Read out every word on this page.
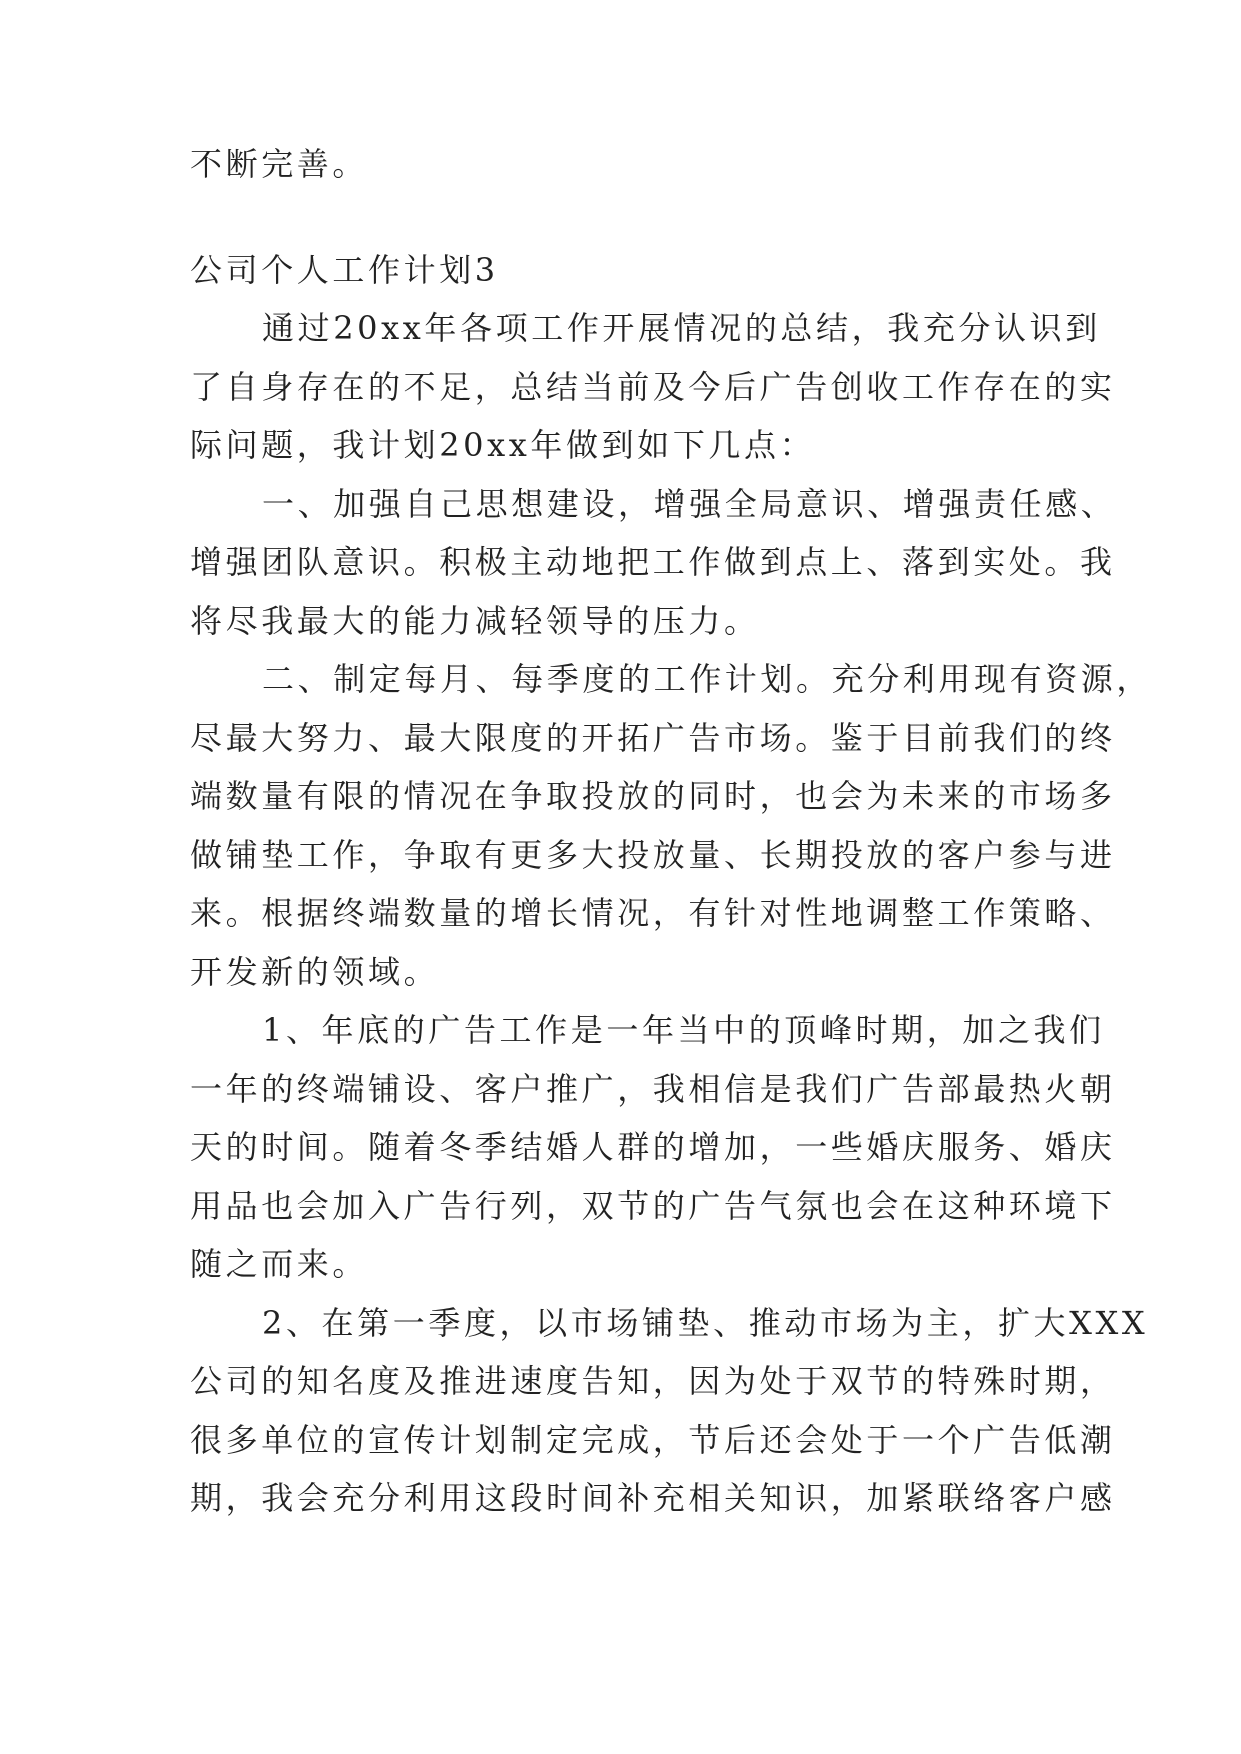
不断完善。

公司个人工作计划3

通过20xx年各项工作开展情况的总结，我充分认识到
了自身存在的不足，总结当前及今后广告创收工作存在的实
际问题，我计划20xx年做到如下几点：
一、加强自己思想建设，增强全局意识、增强责任感、
增强团队意识。积极主动地把工作做到点上、落到实处。我
将尽我最大的能力减轻领导的压力。
二、制定每月、每季度的工作计划。充分利用现有资源，
尽最大努力、最大限度的开拓广告市场。鉴于目前我们的终
端数量有限的情况在争取投放的同时，也会为未来的市场多
做铺垫工作，争取有更多大投放量、长期投放的客户参与进
来。根据终端数量的增长情况，有针对性地调整工作策略、
开发新的领域。
1、年底的广告工作是一年当中的顶峰时期，加之我们
一年的终端铺设、客户推广，我相信是我们广告部最热火朝
天的时间。随着冬季结婚人群的增加，一些婚庆服务、婚庆
用品也会加入广告行列，双节的广告气氛也会在这种环境下
随之而来。
2、在第一季度，以市场铺垫、推动市场为主，扩大XXX
公司的知名度及推进速度告知，因为处于双节的特殊时期，
很多单位的宣传计划制定完成，节后还会处于一个广告低潮
期，我会充分利用这段时间补充相关知识，加紧联络客户感
